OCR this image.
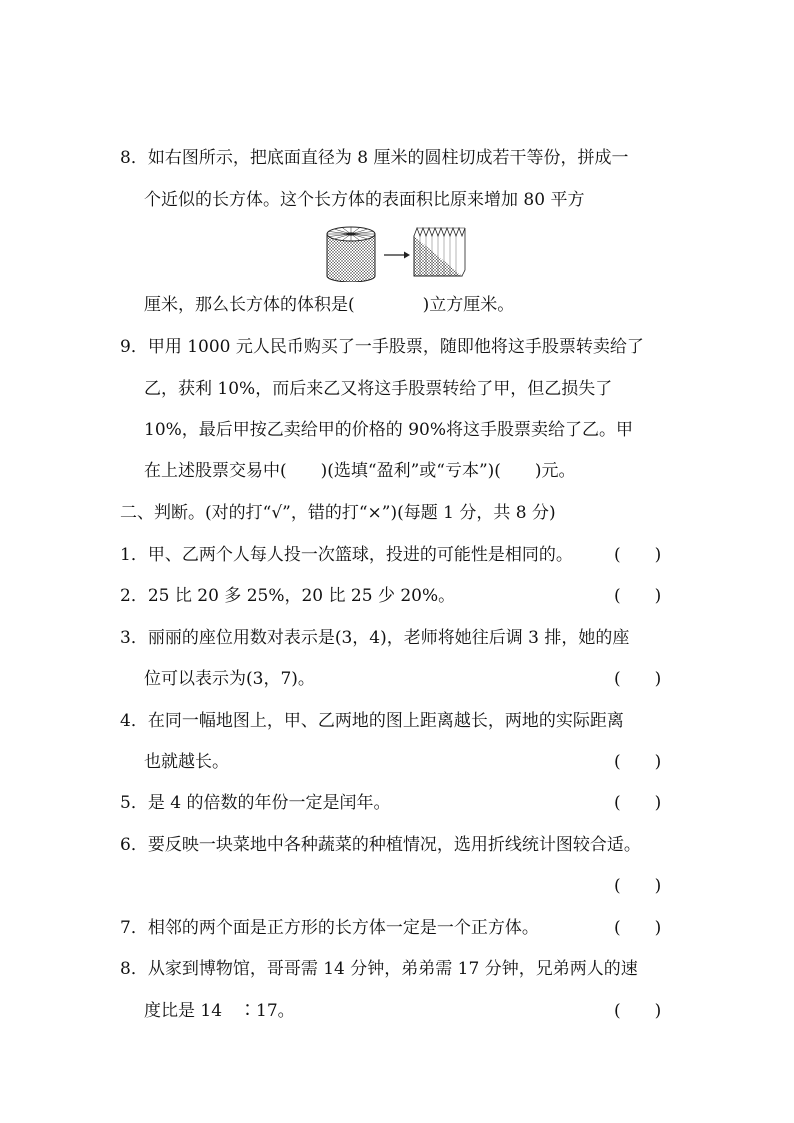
8．如右图所示，把底面直径为 8 厘米的圆柱切成若干等份，拼成一
个近似的长方体。这个长方体的表面积比原来增加 80 平方
厘米，那么长方体的体积是(　　　　)立方厘米。
9．甲用 1000 元人民币购买了一手股票，随即他将这手股票转卖给了
乙，获利 10%，而后来乙又将这手股票转给了甲，但乙损失了
10%，最后甲按乙卖给甲的价格的 90%将这手股票卖给了乙。甲
在上述股票交易中(　　)(选填“盈利”或“亏本”)(　　)元。
二、判断。(对的打“√”，错的打“×”)(每题 1 分，共 8 分)
1．甲、乙两个人每人投一次篮球，投进的可能性是相同的。 (　　)
2．25 比 20 多 25%，20 比 25 少 20%。	(　　)
3．丽丽的座位用数对表示是(3，4)，老师将她往后调 3 排，她的座
位可以表示为(3，7)。	(　　)
4．在同一幅地图上，甲、乙两地的图上距离越长，两地的实际距离
也就越长。	(　　)
5．是 4 的倍数的年份一定是闰年。	(　　)
6．要反映一块菜地中各种蔬菜的种植情况，选用折线统计图较合适。
(　　)
7．相邻的两个面是正方形的长方体一定是一个正方体。	(　　)
8．从家到博物馆，哥哥需 14 分钟，弟弟需 17 分钟，兄弟两人的速
度比是 14　∶17。	(　　)
